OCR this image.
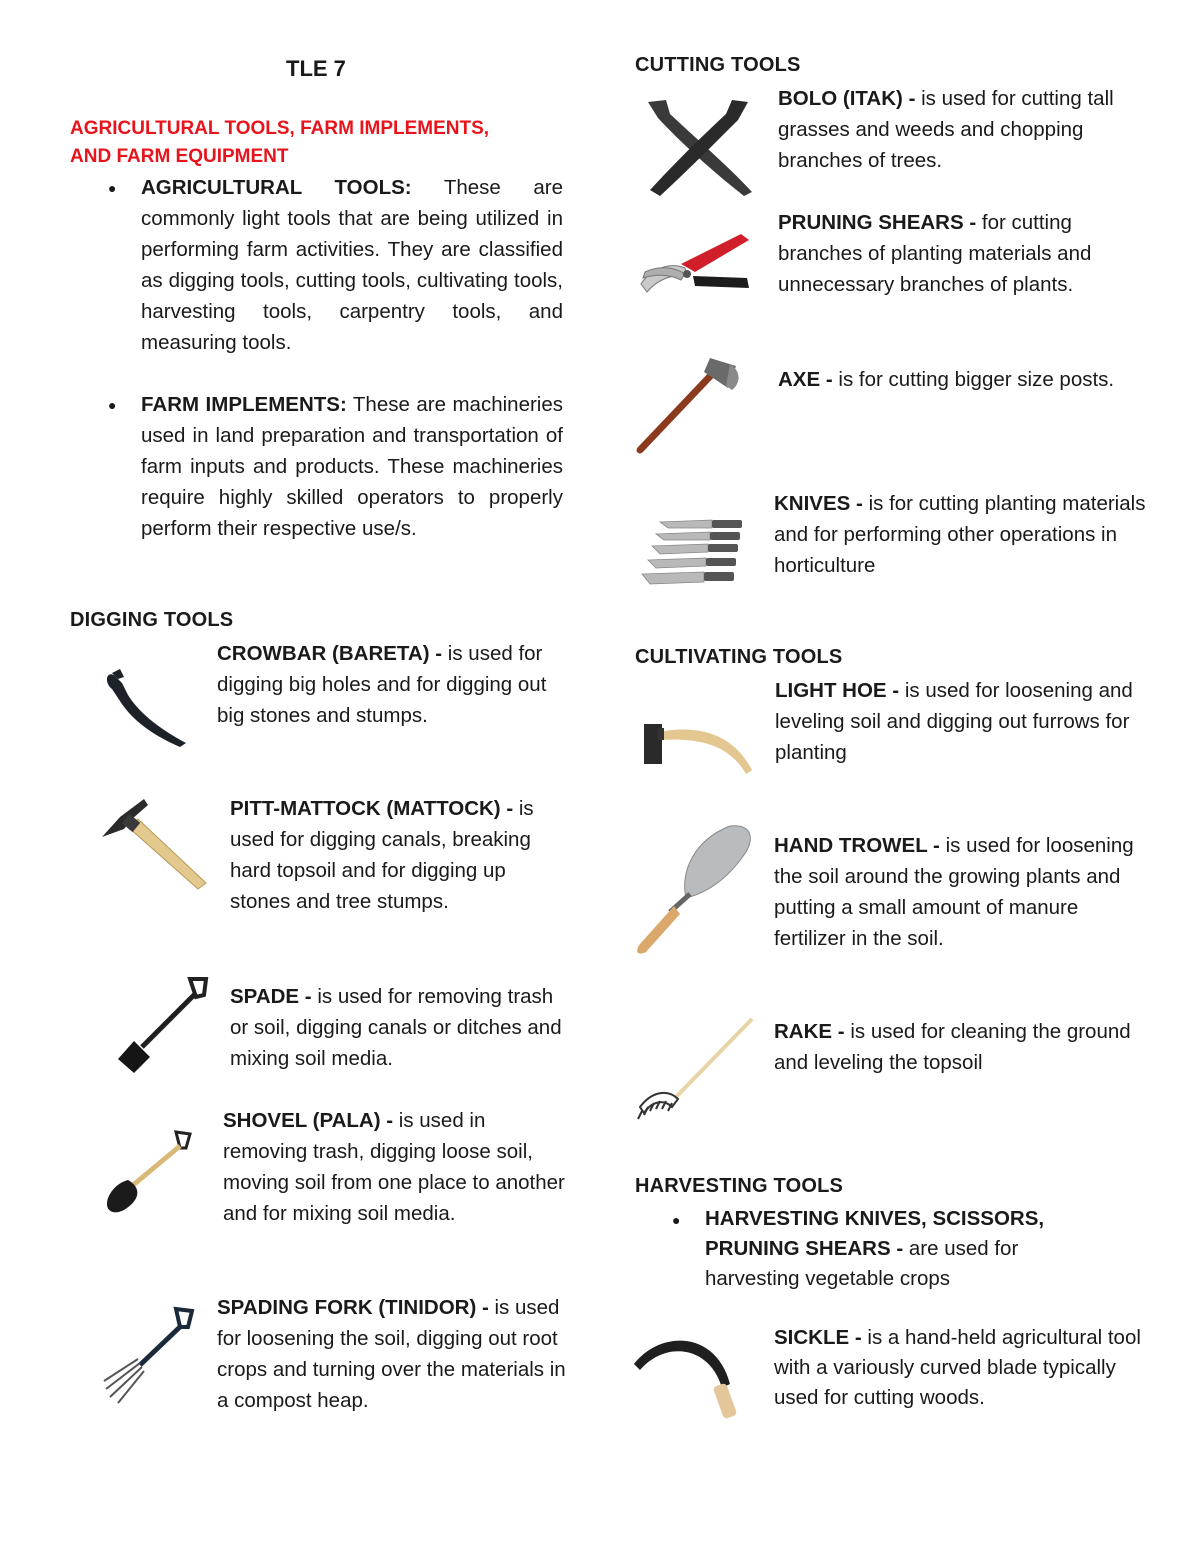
TLE 7
AGRICULTURAL TOOLS, FARM IMPLEMENTS,
AND FARM EQUIPMENT
● AGRICULTURAL TOOLS: These are commonly light tools that are being utilized in performing farm activities. They are classified as digging tools, cutting tools, cultivating tools, harvesting tools, carpentry tools, and measuring tools.
● FARM IMPLEMENTS: These are machineries used in land preparation and transportation of farm inputs and products. These machineries require highly skilled operators to properly perform their respective use/s.
DIGGING TOOLS
CROWBAR (BARETA) - is used for digging big holes and for digging out big stones and stumps.
PITT-MATTOCK (MATTOCK) - is used for digging canals, breaking hard topsoil and for digging up stones and tree stumps.
SPADE - is used for removing trash or soil, digging canals or ditches and mixing soil media.
SHOVEL (PALA) - is used in removing trash, digging loose soil, moving soil from one place to another and for mixing soil media.
SPADING FORK (TINIDOR) - is used for loosening the soil, digging out root crops and turning over the materials in a compost heap.
CUTTING TOOLS
BOLO (ITAK) - is used for cutting tall grasses and weeds and chopping branches of trees.
PRUNING SHEARS - for cutting branches of planting materials and unnecessary branches of plants.
AXE - is for cutting bigger size posts.
KNIVES - is for cutting planting materials and for performing other operations in horticulture
CULTIVATING TOOLS
LIGHT HOE - is used for loosening and leveling soil and digging out furrows for planting
HAND TROWEL - is used for loosening the soil around the growing plants and putting a small amount of manure fertilizer in the soil.
RAKE - is used for cleaning the ground and leveling the topsoil
HARVESTING TOOLS
● HARVESTING KNIVES, SCISSORS, PRUNING SHEARS - are used for harvesting vegetable crops
SICKLE - is a hand-held agricultural tool with a variously curved blade typically used for cutting woods.
